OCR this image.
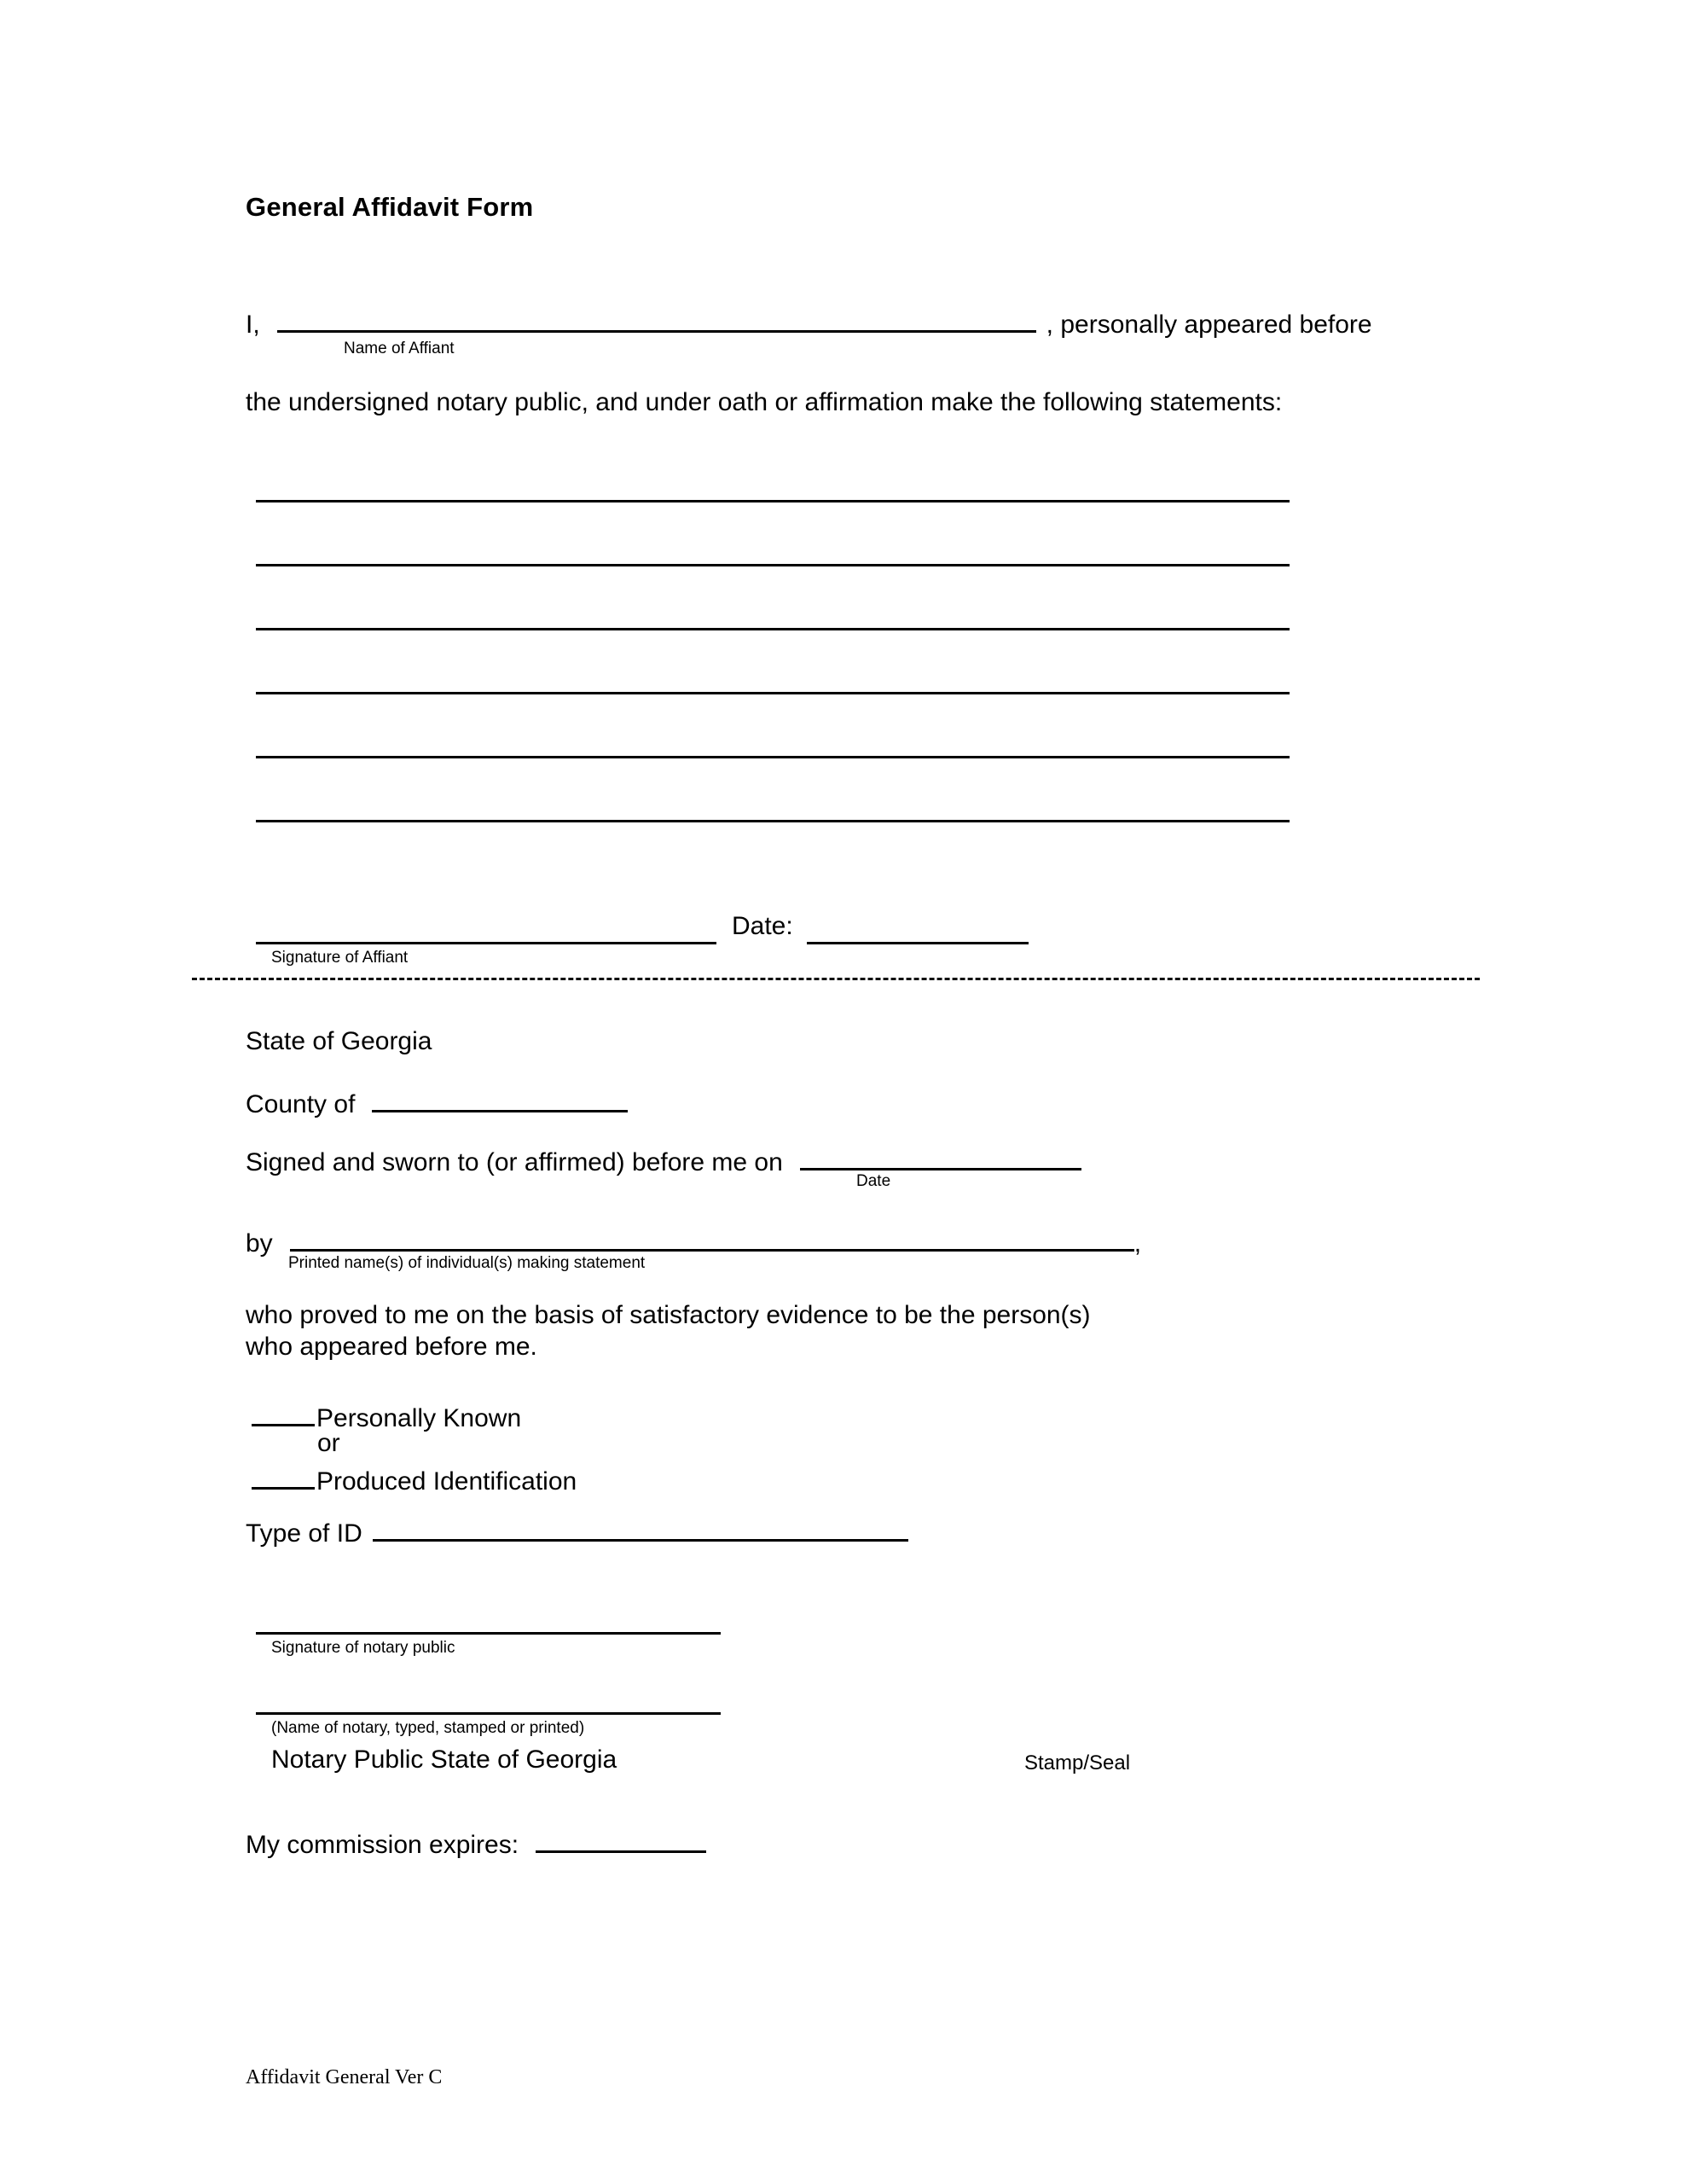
General Affidavit Form
I,	, personally appeared before
Name of Affiant
the undersigned notary public, and under oath or affirmation make the following statements:
Signature of Affiant
Date:
State of Georgia
County of
Signed and sworn to (or affirmed) before me on
Date
by	,
Printed name(s) of individual(s) making statement
who proved to me on the basis of satisfactory evidence to be the person(s)
who appeared before me.
Personally Known
or
Produced Identification
Type of ID
Signature of notary public
(Name of notary, typed, stamped or printed)
Notary Public State of Georgia	Stamp/Seal
My commission expires:
Affidavit General Ver C
